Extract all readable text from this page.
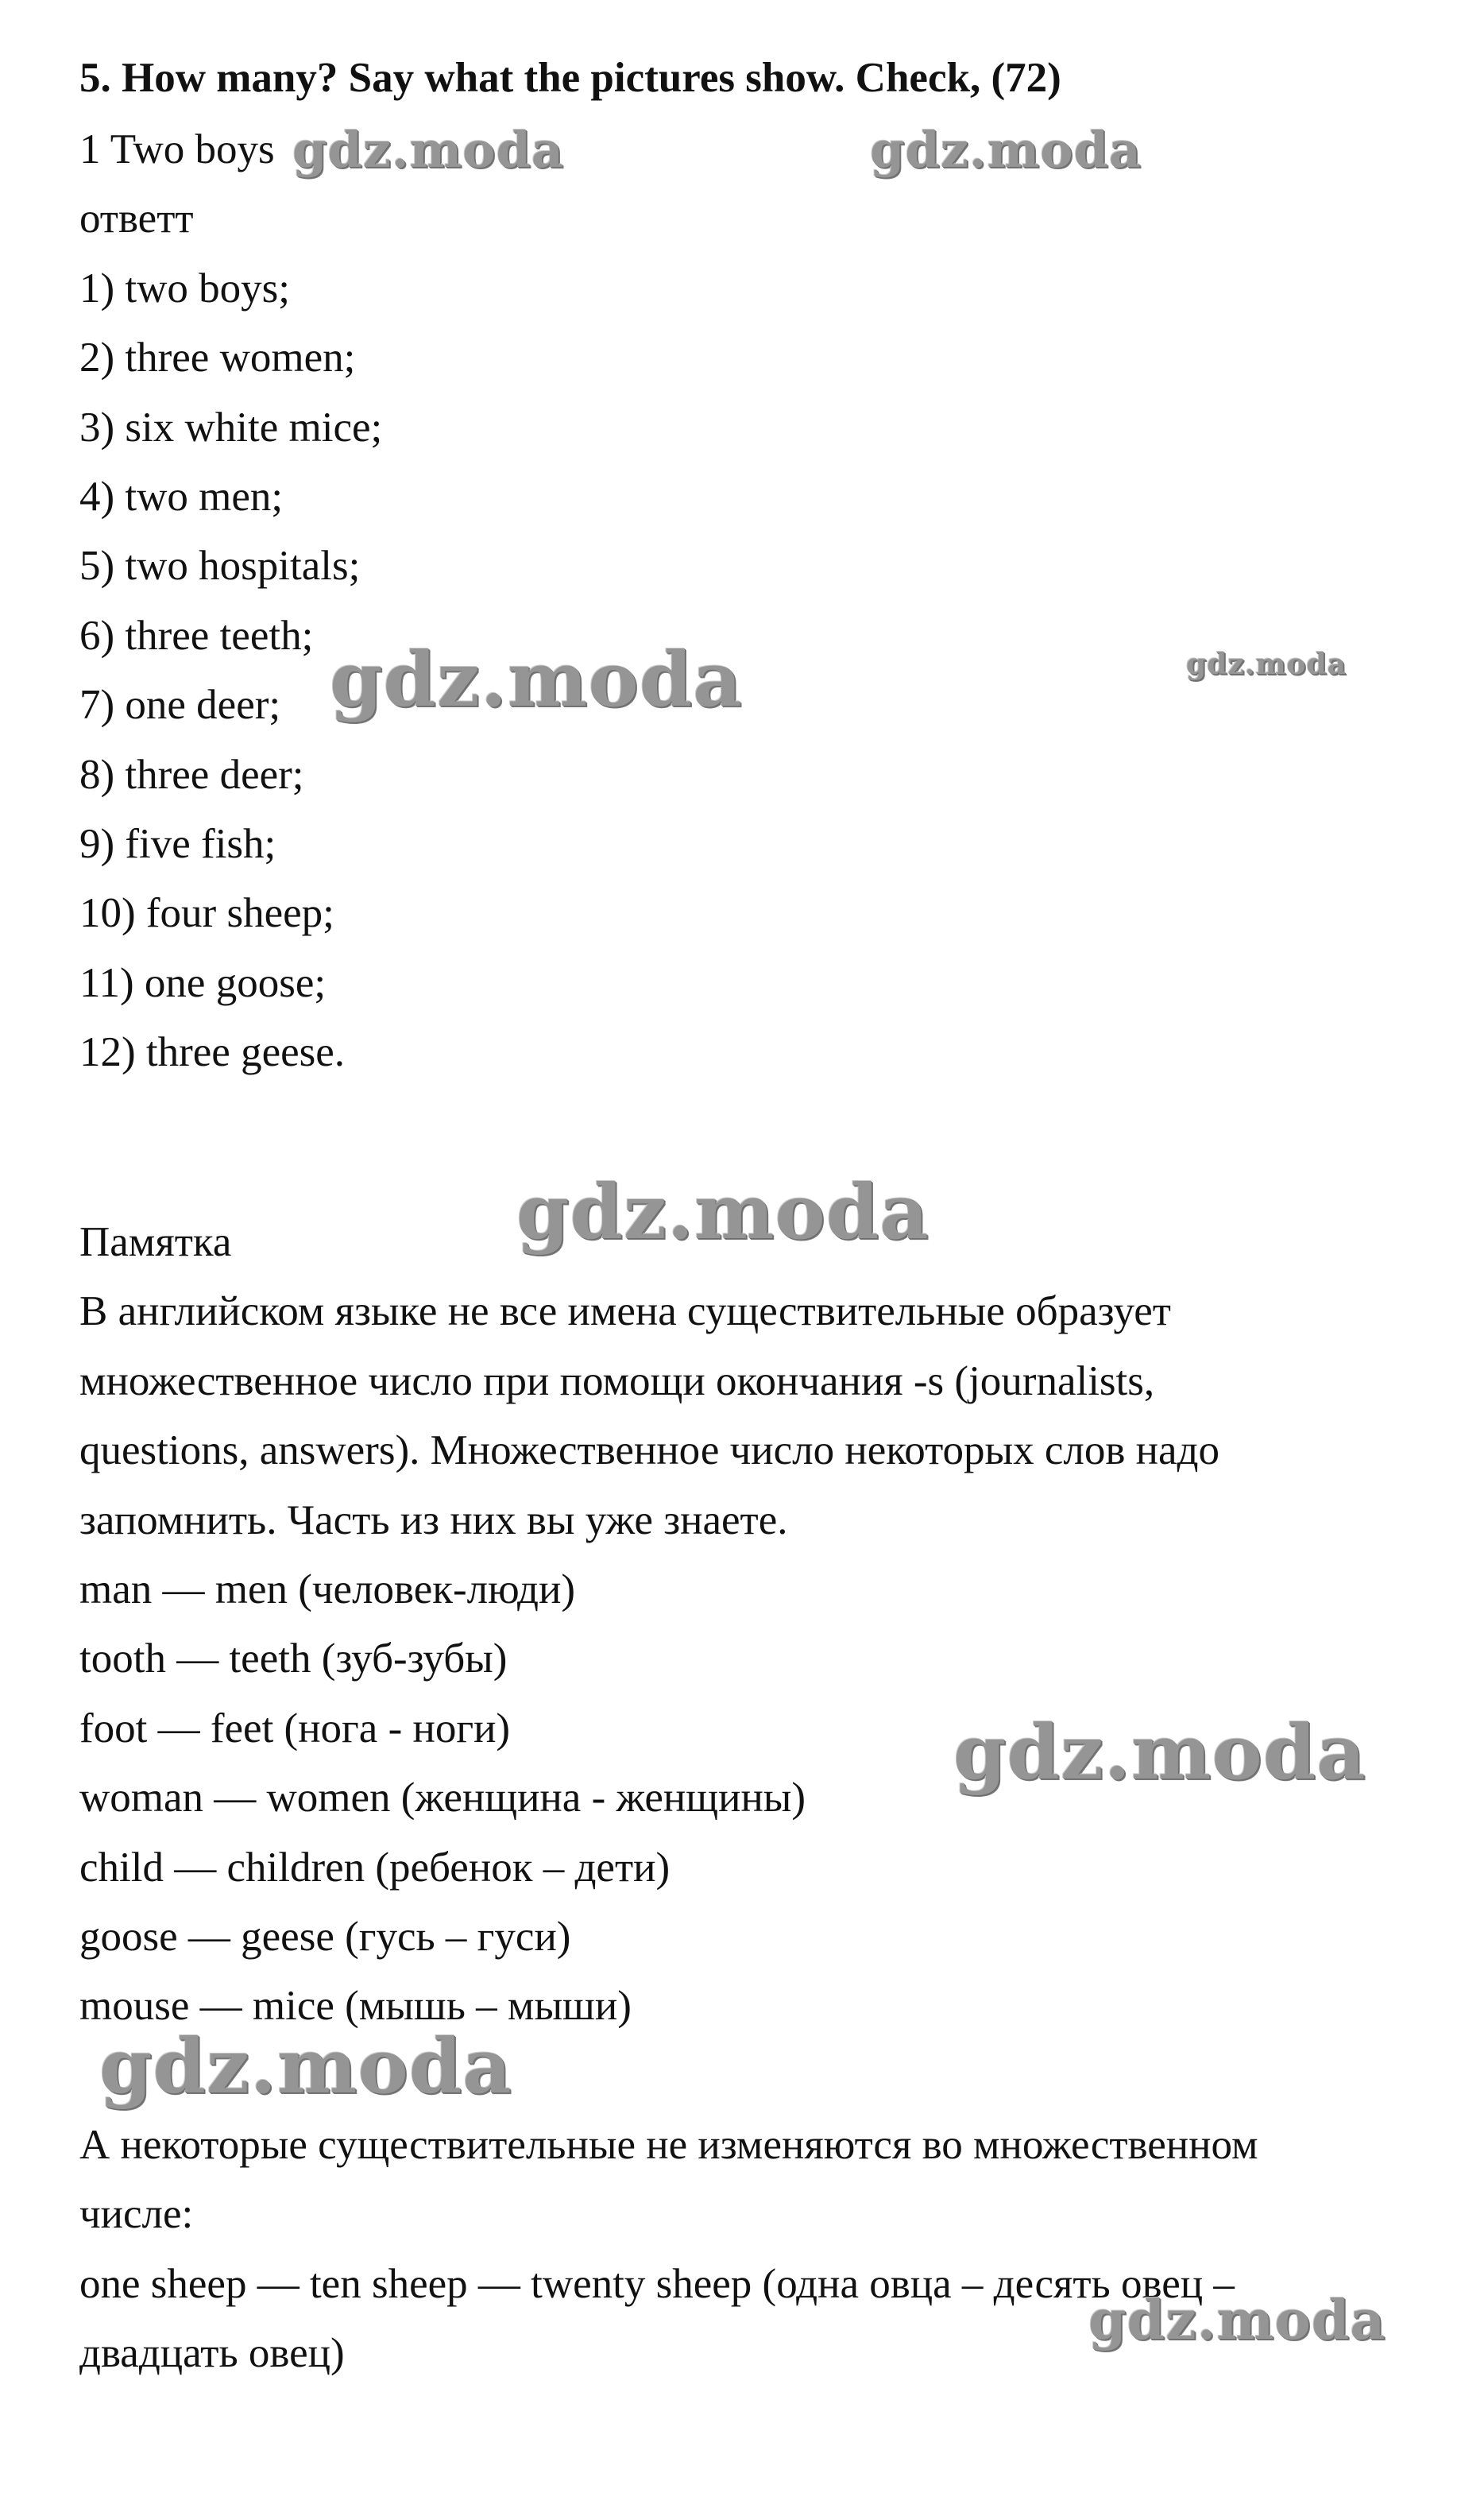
5. How many? Say what the pictures show. Check, (72)
1 Two boys
ответт
1) two boys;
2) three women;
3) six white mice;
4) two men;
5) two hospitals;
6) three teeth;
7) one deer;
8) three deer;
9) five fish;
10) four sheep;
11) one goose;
12) three geese.
Памятка
В английском языке не все имена существительные образует
множественное число при помощи окончания -s (journalists,
questions, answers). Множественное число некоторых слов надо
запомнить. Часть из них вы уже знаете.
man — men (человек-люди)
tooth — teeth (зуб-зубы)
foot — feet (нога - ноги)
woman — women (женщина - женщины)
child — children (ребенок – дети)
goose — geese (гусь – гуси)
mouse — mice (мышь – мыши)
А некоторые существительные не изменяются во множественном
числе:
one sheep — ten sheep — twenty sheep (одна овца – десять овец –
двадцать овец)
gdz.moda	gdz.moda
gdz.moda	gdz.moda
gdz.moda
gdz.moda
gdz.moda
gdz.moda
